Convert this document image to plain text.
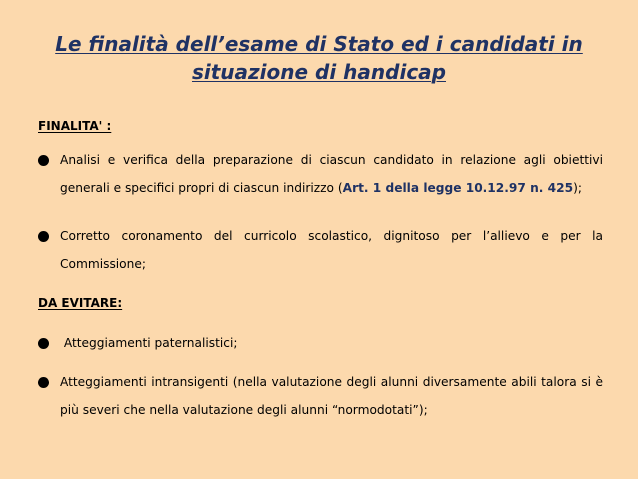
Le finalità dell’esame di Stato ed i candidati in situazione di handicap
FINALITA' :
Analisi e verifica della preparazione di ciascun candidato in relazione agli obiettivi generali e specifici propri di ciascun indirizzo (Art. 1 della legge 10.12.97 n. 425);
Corretto coronamento del curricolo scolastico, dignitoso per l’allievo e per la Commissione;
DA EVITARE:
Atteggiamenti paternalistici;
Atteggiamenti intransigenti (nella valutazione degli alunni diversamente abili talora si è più severi che nella valutazione degli alunni “normodotati”);
